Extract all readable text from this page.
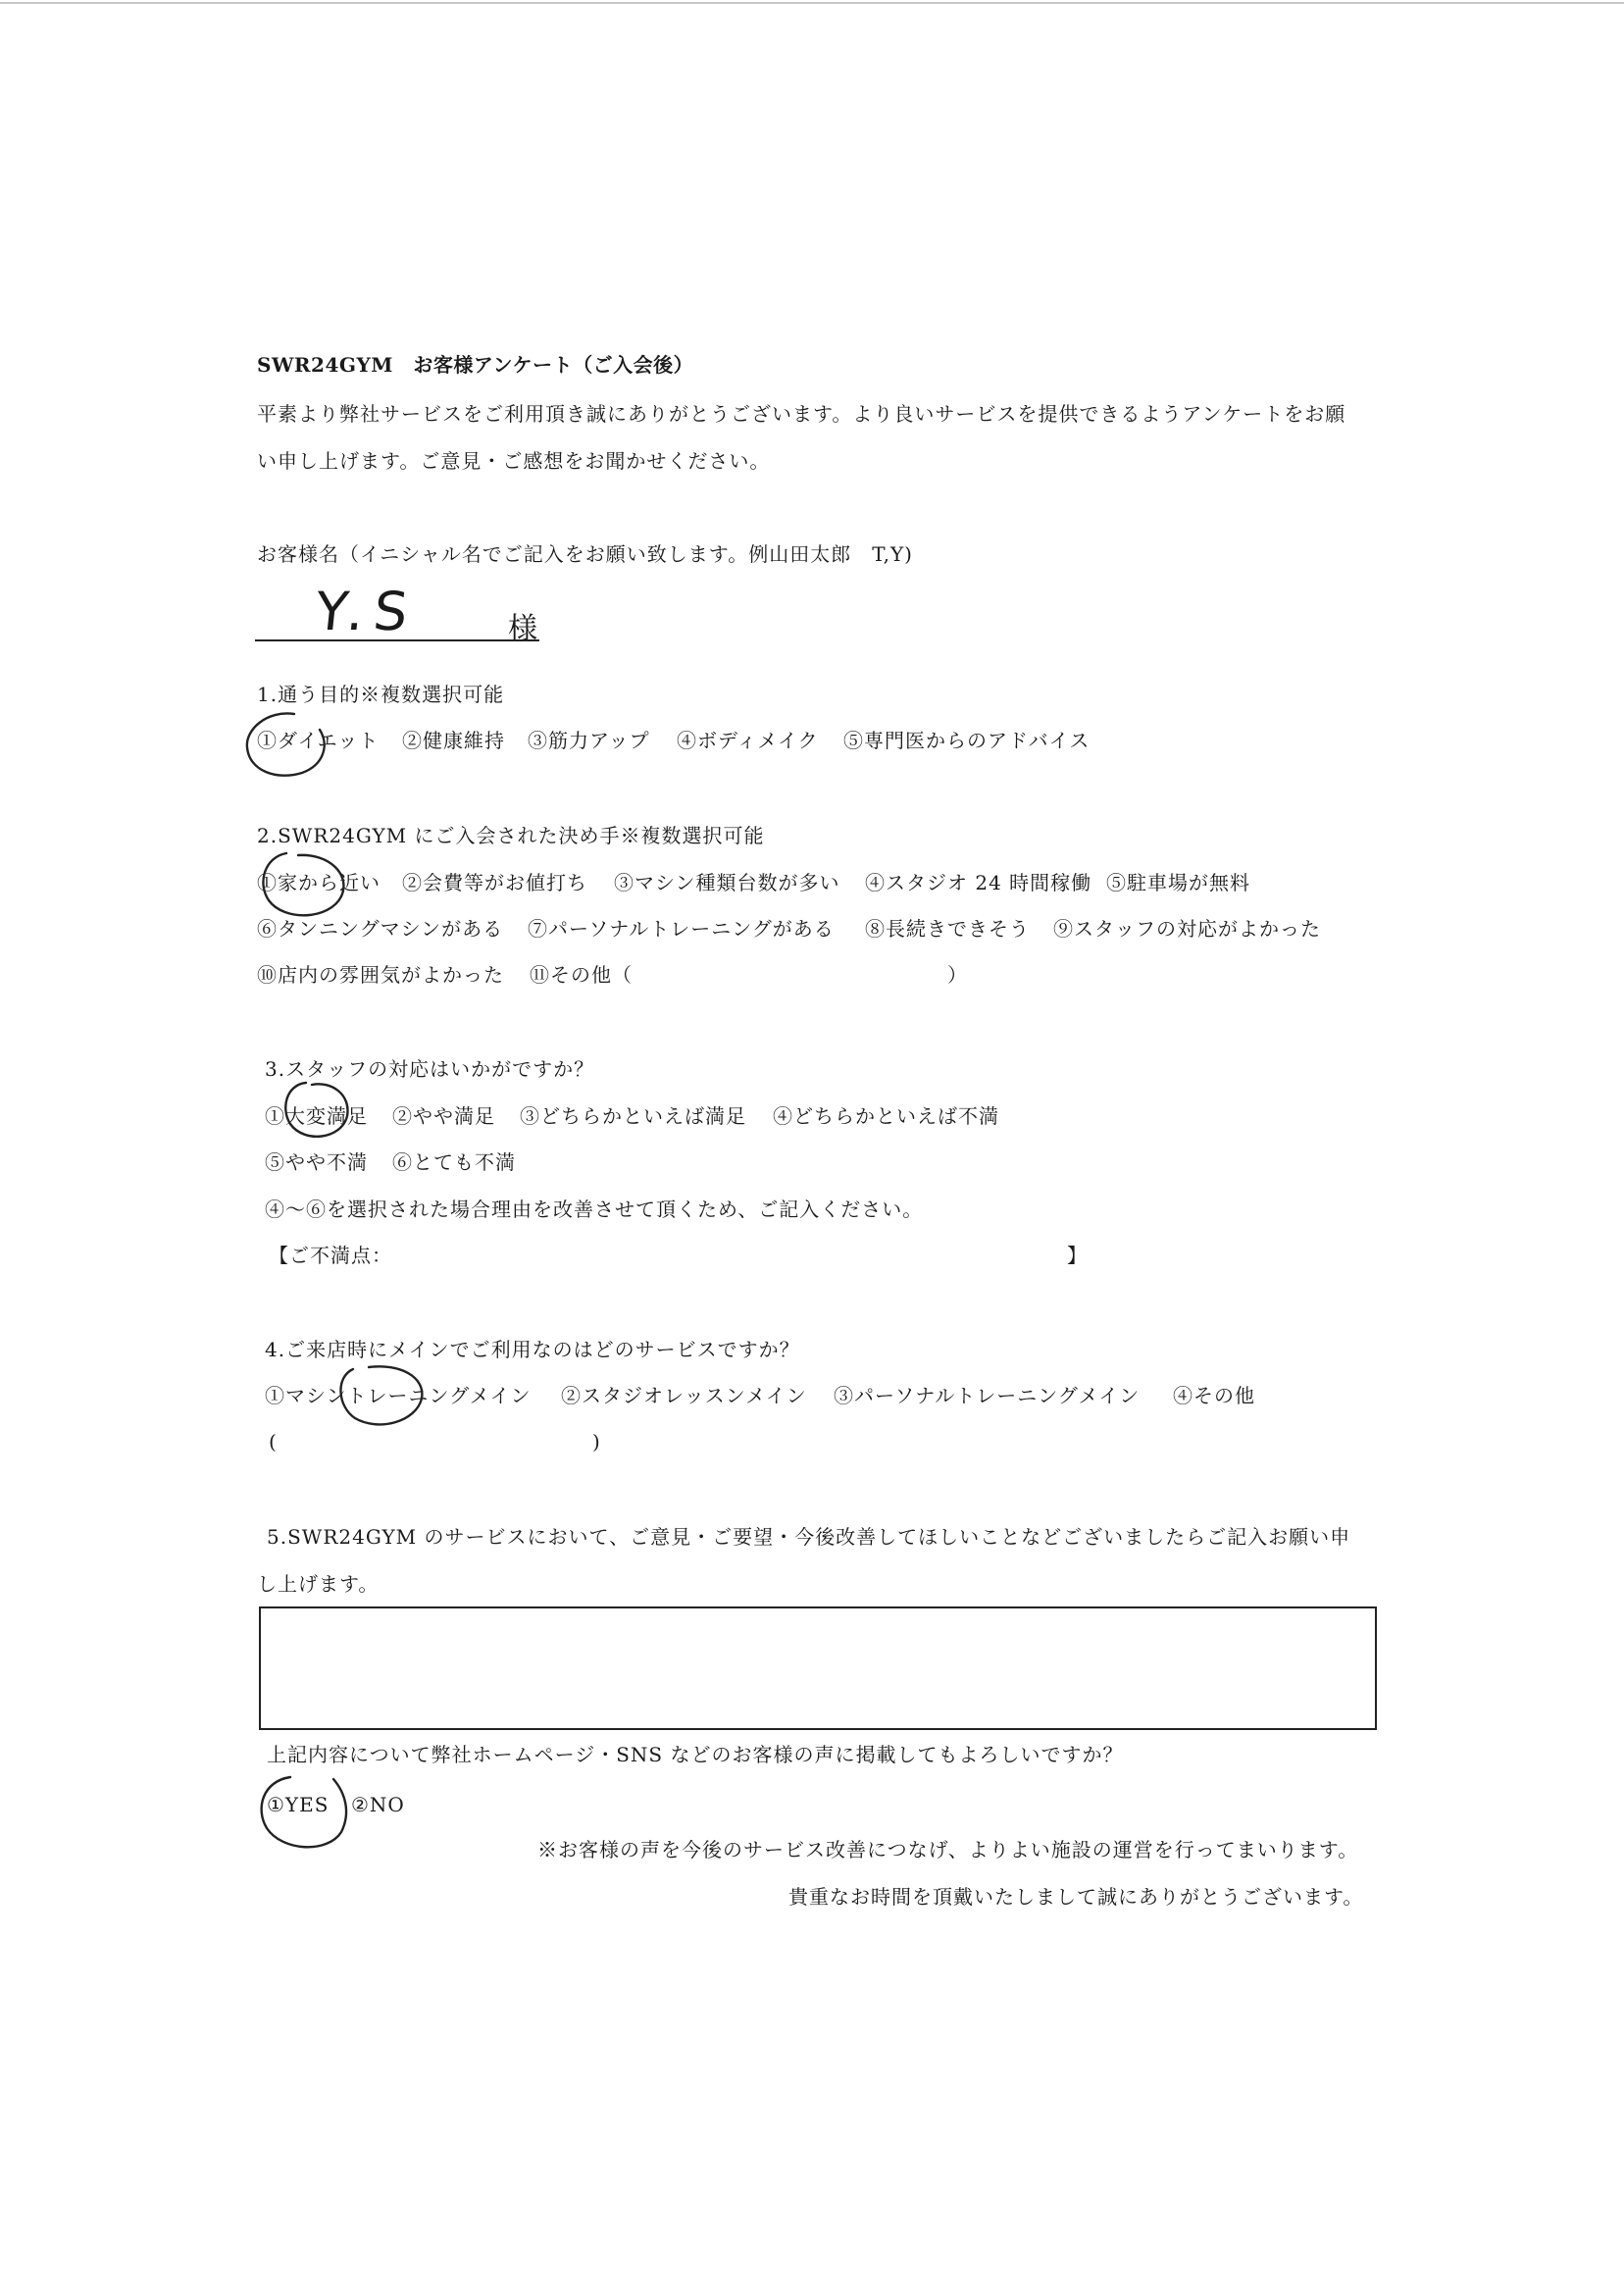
SWR24GYM　お客様アンケート（ご入会後）
平素より弊社サービスをご利用頂き誠にありがとうございます。より良いサービスを提供できるようアンケートをお願
い申し上げます。ご意見・ご感想をお聞かせください。
お客様名（イニシャル名でご記入をお願い致します。例山田太郎　T,Y)
Y.S	様
1.通う目的※複数選択可能
①ダイエット ②健康維持 ③筋力アップ ④ボディメイク ⑤専門医からのアドバイス
2.SWR24GYM にご入会された決め手※複数選択可能
①家から近い ②会費等がお値打ち ③マシン種類台数が多い ④スタジオ 24 時間稼働 ⑤駐車場が無料
⑥タンニングマシンがある ⑦パーソナルトレーニングがある ⑧長続きできそう ⑨スタッフの対応がよかった
⑩店内の雰囲気がよかった ⑪その他（	）
3.スタッフの対応はいかがですか？
①大変満足 ②やや満足 ③どちらかといえば満足 ④どちらかといえば不満
⑤やや不満 ⑥とても不満
④～⑥を選択された場合理由を改善させて頂くため、ご記入ください。
【ご不満点：	】
4.ご来店時にメインでご利用なのはどのサービスですか？
①マシントレーニングメイン ②スタジオレッスンメイン ③パーソナルトレーニングメイン ④その他
(	)
5.SWR24GYM のサービスにおいて、ご意見・ご要望・今後改善してほしいことなどございましたらご記入お願い申
し上げます。
上記内容について弊社ホームページ・SNS などのお客様の声に掲載してもよろしいですか？
①YES ②NO
※お客様の声を今後のサービス改善につなげ、よりよい施設の運営を行ってまいります。
貴重なお時間を頂戴いたしまして誠にありがとうございます。
